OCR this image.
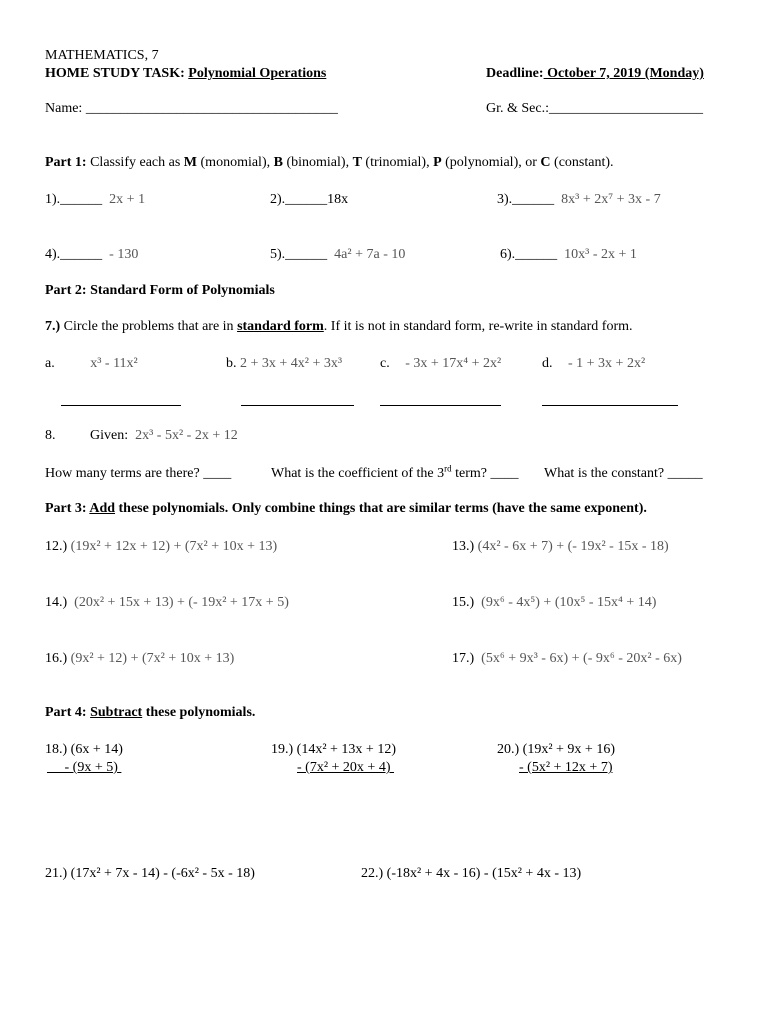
MATHEMATICS, 7
HOME STUDY TASK: Polynomial Operations	Deadline: October 7, 2019 (Monday)
Name: ____________________________________	Gr. & Sec.:______________________
Part 1: Classify each as M (monomial), B (binomial), T (trinomial), P (polynomial), or C (constant).
1).______ 2x + 1	2).______18x	3).______ 8x³ + 2x⁷ + 3x - 7
4).______ - 130	5).______ 4a² + 7a - 10	6).______ 10x³ - 2x + 1
Part 2: Standard Form of Polynomials
7.) Circle the problems that are in standard form. If it is not in standard form, re-write in standard form.
a.	x³ - 11x²	b. 2 + 3x + 4x² + 3x³	c. - 3x + 17x⁴ + 2x²	d. - 1 + 3x + 2x²
8. Given: 2x³ - 5x² - 2x + 12
How many terms are there? ____	What is the coefficient of the 3rd term? ____ What is the constant? _____
Part 3: Add these polynomials. Only combine things that are similar terms (have the same exponent).
12.) (19x² + 12x + 12) + (7x² + 10x + 13)	13.) (4x² - 6x + 7) + (- 19x² - 15x - 18)
14.) (20x² + 15x + 13) + (- 19x² + 17x + 5)	15.) (9x⁶ - 4x⁵) + (10x⁵ - 15x⁴ + 14)
16.) (9x² + 12) + (7x² + 10x + 13)	17.) (5x⁶ + 9x³ - 6x) + (- 9x⁶ - 20x² - 6x)
Part 4: Subtract these polynomials.
18.) (6x + 14)
- (9x + 5)
19.) (14x² + 13x + 12)
- (7x² + 20x + 4)
20.) (19x² + 9x + 16)
- (5x² + 12x + 7)
21.) (17x² + 7x - 14) - (-6x² - 5x - 18)	22.) (-18x² + 4x - 16) - (15x² + 4x - 13)
